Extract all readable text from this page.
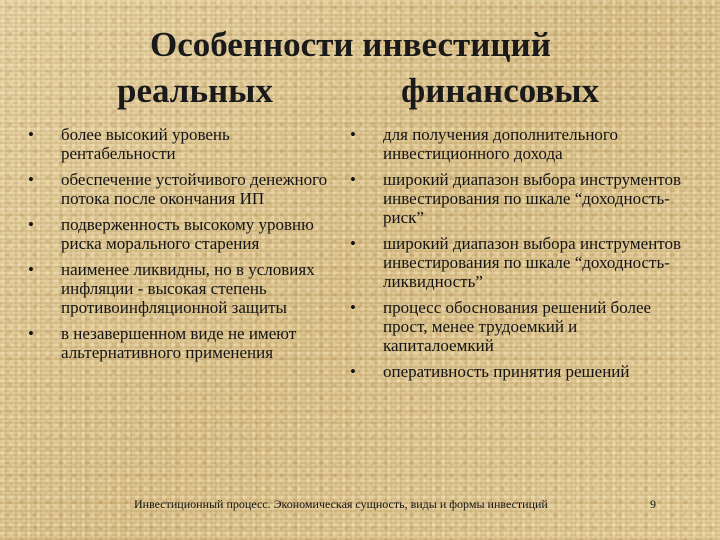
Особенности инвестиций
реальных	финансовых
•	более высокий уровень рентабельности
•	обеспечение устойчивого денежного потока после окончания ИП
•	подверженность высокому уровню риска морального старения
•	наименее ликвидны, но в условиях инфляции - высокая степень противоинфляционной защиты
•	в незавершенном виде не имеют альтернативного применения
•	для получения дополнительного инвестиционного дохода
•	широкий диапазон выбора инструментов инвестирования по шкале “доходность-риск”
•	широкий диапазон выбора инструментов инвестирования по шкале “доходность-ликвидность”
•	процесс обоснования решений более прост, менее трудоемкий и капиталоемкий
•	оперативность принятия решений
Инвестиционный процесс. Экономическая сущность, виды и формы инвестиций	9
